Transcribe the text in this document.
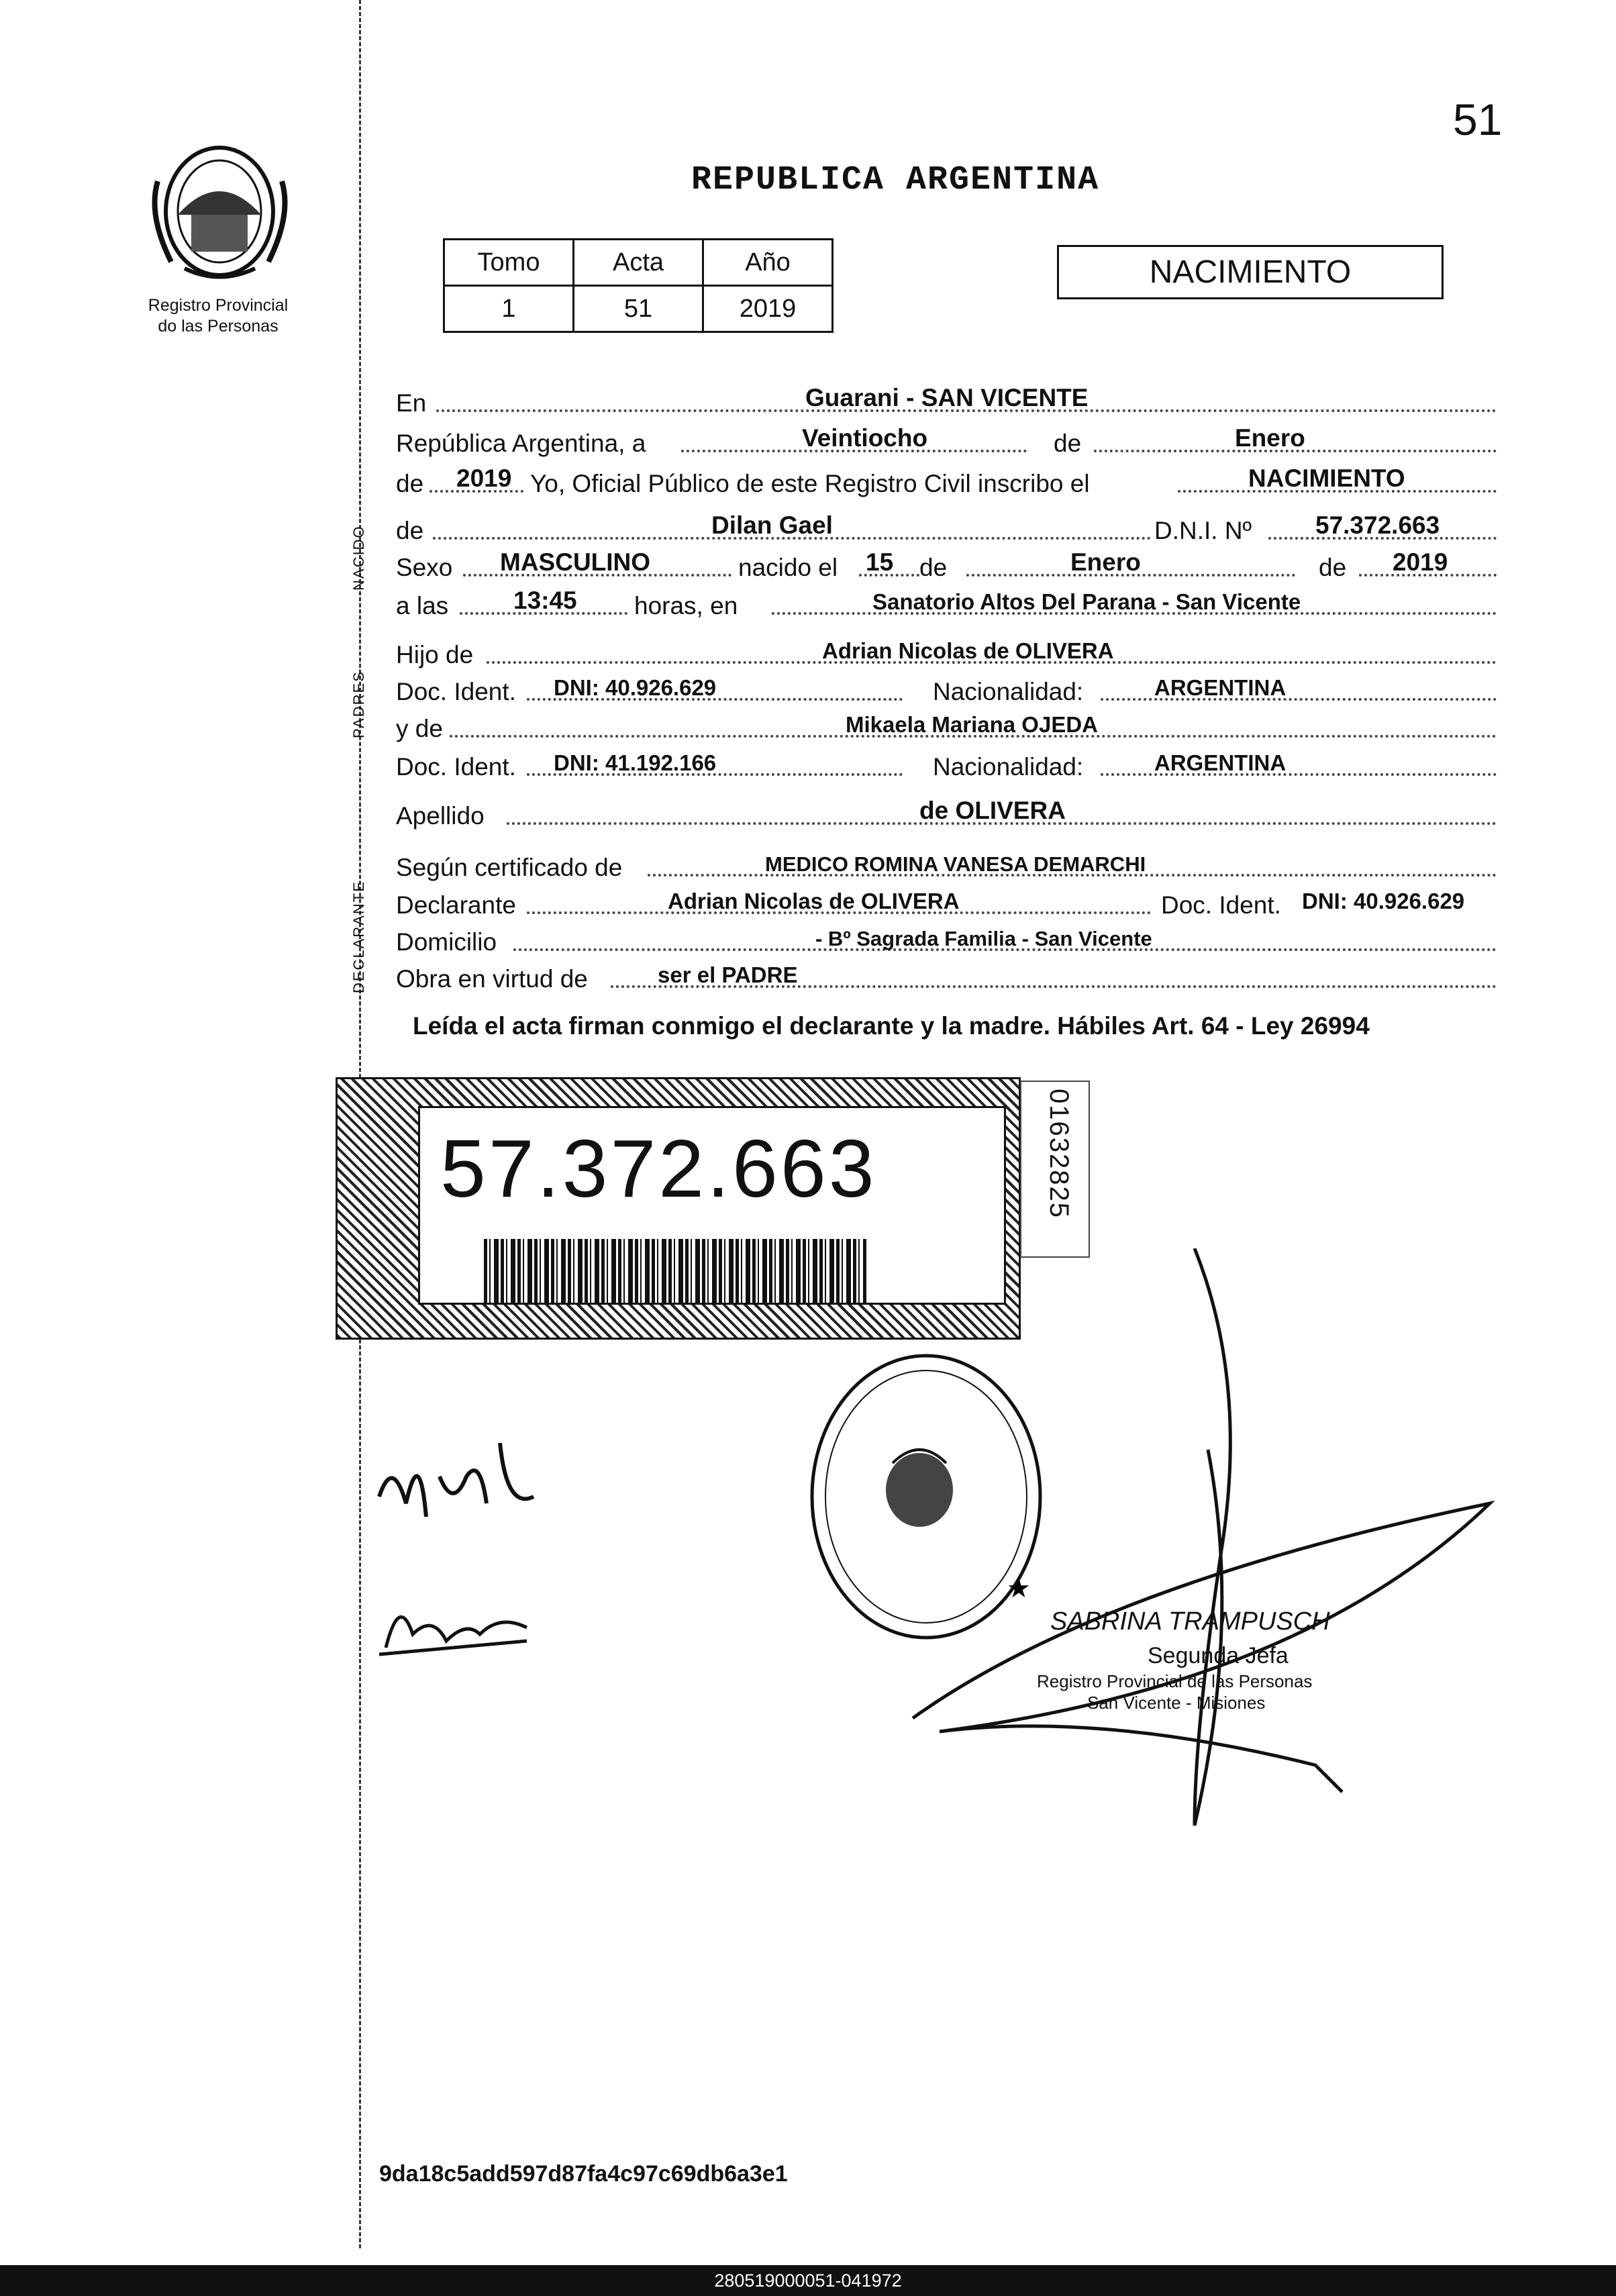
51
REPUBLICA ARGENTINA
Registro Provincial
do las Personas
NACIDO
PADRES
DECLARANTE
Tomo	Acta	Año
1	51	2019
NACIMIENTO
En	Guarani - SAN VICENTE
República Argentina, a	Veintiocho	de	Enero
de 2019 Yo, Oficial Público de este Registro Civil inscribo el	NACIMIENTO
de	Dilan Gael	D.N.I. Nº	57.372.663
Sexo MASCULINO	nacido el 15 de	Enero	de 2019
a las	13:45 horas, en	Sanatorio Altos Del Parana - San Vicente
Hijo de	Adrian Nicolas de OLIVERA
Doc. Ident. DNI: 40.926.629	Nacionalidad:	ARGENTINA
y de	Mikaela Mariana OJEDA
Doc. Ident. DNI: 41.192.166	Nacionalidad:	ARGENTINA
Apellido	de OLIVERA
Según certificado de	MEDICO ROMINA VANESA DEMARCHI
Declarante	Adrian Nicolas de OLIVERA	Doc. Ident. DNI: 40.926.629
Domicilio	- Bº Sagrada Familia - San Vicente
Obra en virtud de	ser el PADRE
Leída el acta firman conmigo el declarante y la madre. Hábiles Art. 64 - Ley 26994
57.372.663	01632825
★
SABRINA TRAMPUSCH
Segunda Jefa
Registro Provincial de las Personas
San Vicente - Misiones
9da18c5add597d87fa4c97c69db6a3e1
280519000051-041972
